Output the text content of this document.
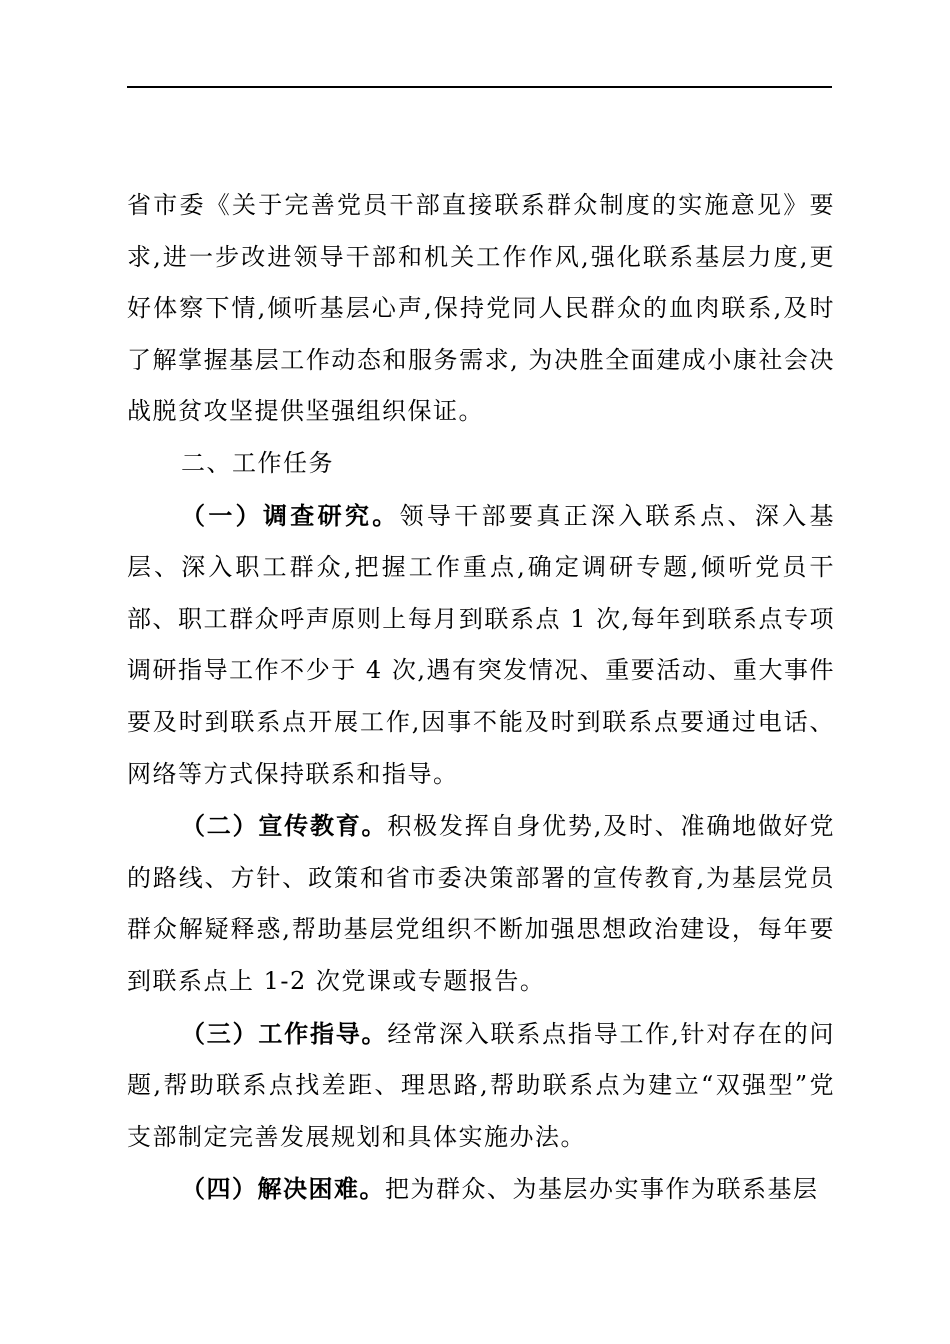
省市委《关于完善党员干部直接联系群众制度的实施意见》要求,进一步改进领导干部和机关工作作风,强化联系基层力度,更好体察下情,倾听基层心声,保持党同人民群众的血肉联系,及时了解掌握基层工作动态和服务需求, 为决胜全面建成小康社会决战脱贫攻坚提供坚强组织保证。

二、工作任务

（一）调查研究。领导干部要真正深入联系点、深入基层、深入职工群众,把握工作重点,确定调研专题,倾听党员干部、职工群众呼声原则上每月到联系点 1 次,每年到联系点专项调研指导工作不少于 4 次,遇有突发情况、重要活动、重大事件要及时到联系点开展工作,因事不能及时到联系点要通过电话、网络等方式保持联系和指导。

（二）宣传教育。积极发挥自身优势,及时、准确地做好党的路线、方针、政策和省市委决策部署的宣传教育,为基层党员群众解疑释惑,帮助基层党组织不断加强思想政治建设，每年要到联系点上 1-2 次党课或专题报告。

（三）工作指导。经常深入联系点指导工作,针对存在的问题,帮助联系点找差距、理思路,帮助联系点为建立“双强型”党支部制定完善发展规划和具体实施办法。

（四）解决困难。把为群众、为基层办实事作为联系基层
